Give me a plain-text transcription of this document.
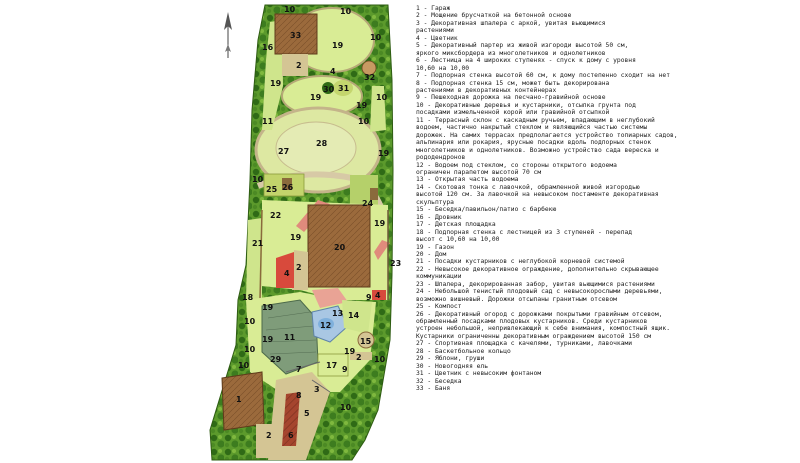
10	10
33
16	19
10
32
2
4
19
31
30
19
19
10
10
27
28
11
26
25
10
19
24
22
21
19
20
19
4
2
4
23
18	9
19
10
14
12
13
15
11
19
29
10	19
17 9
2 10
7
1	8
3
5
6
2
10
10
1 - Гараж
2 - Мощение брусчаткой на бетонной основе
3 - Декоративная шпалера с аркой, увитая вьющимися
растениями
4 - Цветник
5 - Декоративный партер из живой изгороди высотой 50 см,
яркого миксбордера из многолетников и однолетников
6 - Лестница на 4 широких ступенях - спуск к дому с уровня
10,60 на 10,00
7 - Подпорная стенка высотой 60 см, к дому постепенно сходит на нет
8 - Подпорная стенка 15 см, может быть декорирована
растениями в декоративных контейнерах
9 - Пешеходная дорожка на песчано-гравийной основе
10 - Декоративные деревья и кустарники, отсыпка грунта под
посадками измельченной корой или гравийной отсыпкой
11 - Террасный склон с каскадным ручьем, впадающим в неглубокий
водоем, частично накрытый стеклом и являющийся частью системы
дорожек. На самих террасах предполагается устройство топиарных садов,
альпинария или рокария, ярусные посадки вдоль подпорных стенок
многолетников и однолетников. Возможно устройство сада вереска и
рододендронов
12 - Водоем под стеклом, со стороны открытого водоема
ограничен парапетом высотой 70 см
13 - Открытая часть водоема
14 - Скотовая тонка с лавочкой, обрамленной живой изгородью
высотой 120 см. За лавочкой на невысоком постаменте декоративная
скульптура
15 - Беседка/павильон/патио с барбекю
16 - Дровник
17 - Детская площадка
18 - Подпорная стенка с лестницей из 3 ступеней - перепад
высот с 10,60 на 10,00
19 - Газон
20 - Дом
21 - Посадки кустарников с неглубокой корневой системой
22 - Невысокое декоративное ограждение, дополнительно скрывающее
коммуникации
23 - Шпалера, декорированная забор, увитая вьющимися растениями
24 - Небольшой тенистый плодовый сад с невысокорослыми деревьями,
возможно вишневый. Дорожки отсыпаны гранитным отсевом
25 - Компост
26 - Декоративный огород с дорожками покрытыми гравийным отсевом,
обрамленный посадками плодовых кустарников. Среди кустарников
устроен небольшой, непривлекающий к себе внимания, компостный ящик.
Кустарники ограниченны декоративным ограждением высотой 150 см
27 - Спортивная площадка с качелями, турниками, лавочками
28 - Баскетбольное кольцо
29 - Яблони, груши
30 - Новогодняя ель
31 - Цветник с невысоким фонтаном
32 - Беседка
33 - Баня
